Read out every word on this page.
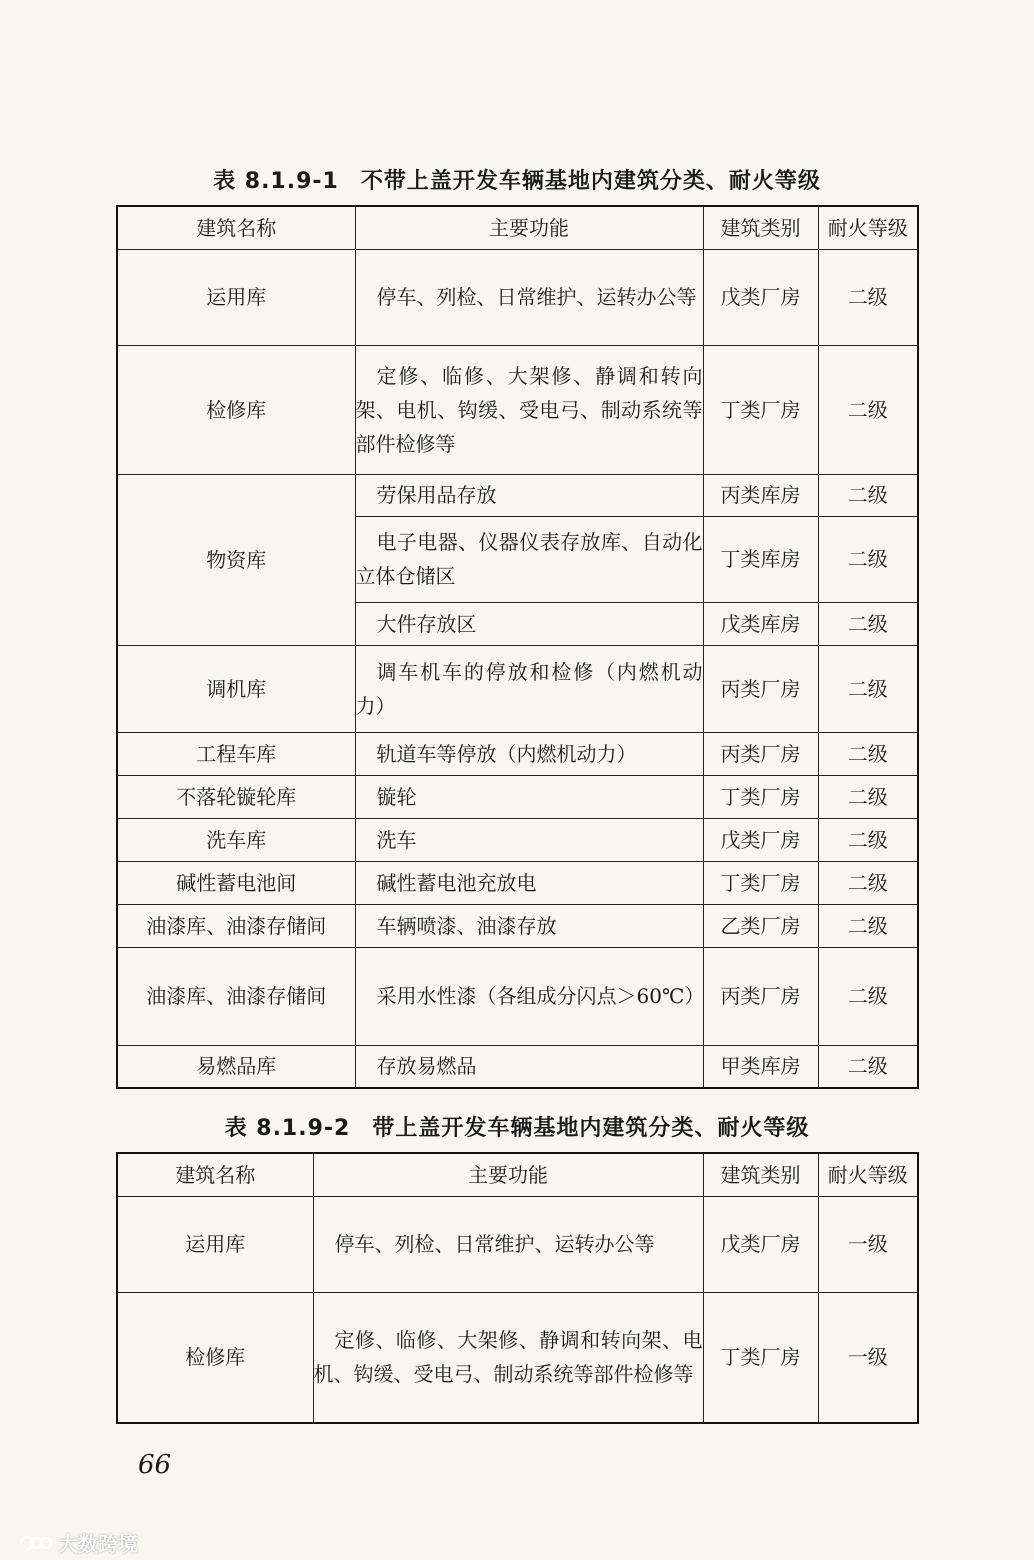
表 8.1.9-1 不带上盖开发车辆基地内建筑分类、耐火等级
建筑名称	主要功能	建筑类别	耐火等级
运用库	停车、列检、日常维护、运转办公等	戊类厂房	二级
检修库	定修、临修、大架修、静调和转向架、电机、钩缓、受电弓、制动系统等部件检修等	丁类厂房	二级
物资库	劳保用品存放	丙类库房	二级

	电子电器、仪器仪表存放库、自动化立体仓储区	丁类库房	二级

	大件存放区	戊类库房	二级
调机库	调车机车的停放和检修（内燃机动力）	丙类厂房	二级
工程车库	轨道车等停放（内燃机动力）	丙类厂房	二级
不落轮镟轮库	镟轮	丁类厂房	二级
洗车库	洗车	戊类厂房	二级
碱性蓄电池间	碱性蓄电池充放电	丁类厂房	二级
油漆库、油漆存储间	车辆喷漆、油漆存放	乙类厂房	二级
油漆库、油漆存储间	采用水性漆（各组成分闪点＞60℃）	丙类厂房	二级
易燃品库	存放易燃品	甲类库房	二级
表 8.1.9-2 带上盖开发车辆基地内建筑分类、耐火等级
建筑名称	主要功能	建筑类别	耐火等级
运用库	停车、列检、日常维护、运转办公等	戊类厂房	一级
检修库	定修、临修、大架修、静调和转向架、电机、钩缓、受电弓、制动系统等部件检修等	丁类厂房	一级
66
大数跨境
